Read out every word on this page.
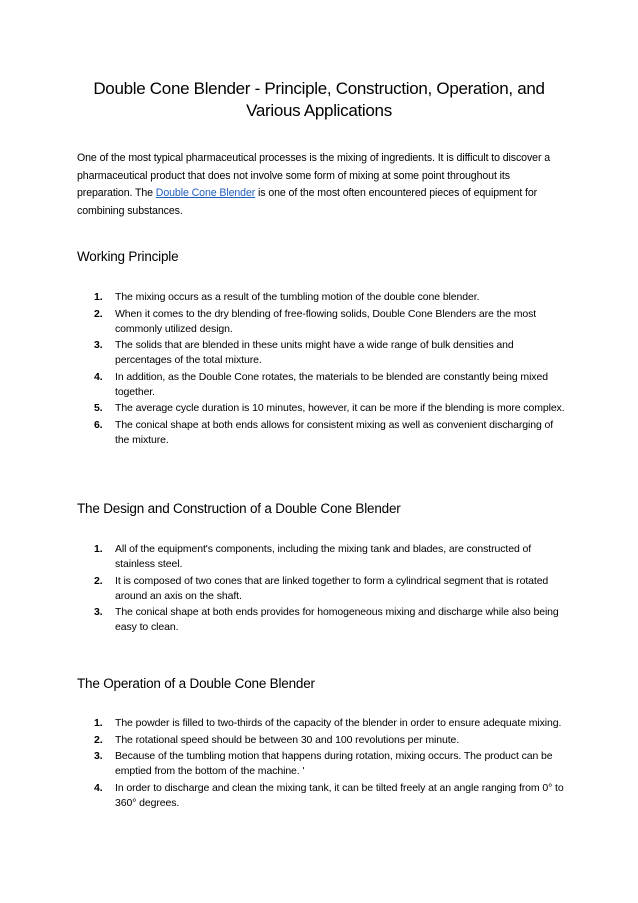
Double Cone Blender - Principle, Construction, Operation, and
Various Applications

One of the most typical pharmaceutical processes is the mixing of ingredients. It is difficult to discover a pharmaceutical product that does not involve some form of mixing at some point throughout its preparation. The Double Cone Blender is one of the most often encountered pieces of equipment for combining substances.

Working Principle
1. The mixing occurs as a result of the tumbling motion of the double cone blender.
2. When it comes to the dry blending of free-flowing solids, Double Cone Blenders are the most commonly utilized design.
3. The solids that are blended in these units might have a wide range of bulk densities and percentages of the total mixture.
4. In addition, as the Double Cone rotates, the materials to be blended are constantly being mixed together.
5. The average cycle duration is 10 minutes, however, it can be more if the blending is more complex.
6. The conical shape at both ends allows for consistent mixing as well as convenient discharging of the mixture.
The Design and Construction of a Double Cone Blender
1. All of the equipment's components, including the mixing tank and blades, are constructed of stainless steel.
2. It is composed of two cones that are linked together to form a cylindrical segment that is rotated around an axis on the shaft.
3. The conical shape at both ends provides for homogeneous mixing and discharge while also being easy to clean.
The Operation of a Double Cone Blender
1. The powder is filled to two-thirds of the capacity of the blender in order to ensure adequate mixing.
2. The rotational speed should be between 30 and 100 revolutions per minute.
3. Because of the tumbling motion that happens during rotation, mixing occurs. The product can be emptied from the bottom of the machine. '
4. In order to discharge and clean the mixing tank, it can be tilted freely at an angle ranging from 0° to 360° degrees.
